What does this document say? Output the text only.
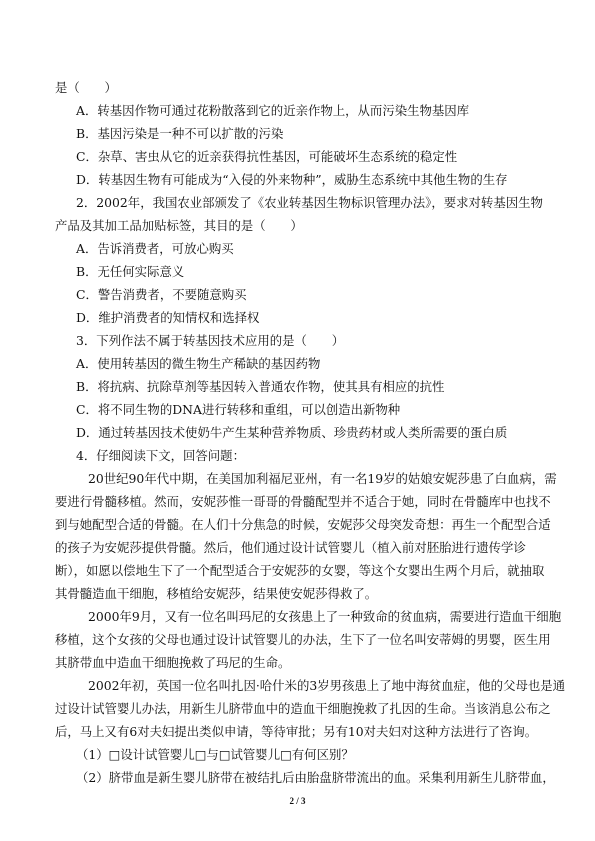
是（　　）
A．转基因作物可通过花粉散落到它的近亲作物上，从而污染生物基因库
B．基因污染是一种不可以扩散的污染
C．杂草、害虫从它的近亲获得抗性基因，可能破坏生态系统的稳定性
D．转基因生物有可能成为“入侵的外来物种”，威胁生态系统中其他生物的生存
2．2002年，我国农业部颁发了《农业转基因生物标识管理办法》，要求对转基因生物
产品及其加工品加贴标签，其目的是（　　）
A．告诉消费者，可放心购买
B．无任何实际意义
C．警告消费者，不要随意购买
D．维护消费者的知情权和选择权
3．下列作法不属于转基因技术应用的是（　　）
A．使用转基因的微生物生产稀缺的基因药物
B．将抗病、抗除草剂等基因转入普通农作物，使其具有相应的抗性
C．将不同生物的DNA进行转移和重组，可以创造出新物种
D．通过转基因技术使奶牛产生某种营养物质、珍贵药材或人类所需要的蛋白质
4．仔细阅读下文，回答问题：
20世纪90年代中期，在美国加利福尼亚州，有一名19岁的姑娘安妮莎患了白血病，需
要进行骨髓移植。然而，安妮莎惟一哥哥的骨髓配型并不适合于她，同时在骨髓库中也找不
到与她配型合适的骨髓。在人们十分焦急的时候，安妮莎父母突发奇想：再生一个配型合适
的孩子为安妮莎提供骨髓。然后，他们通过设计试管婴儿（植入前对胚胎进行遗传学诊
断），如愿以偿地生下了一个配型适合于安妮莎的女婴，等这个女婴出生两个月后，就抽取
其骨髓造血干细胞，移植给安妮莎，结果使安妮莎得救了。
2000年9月，又有一位名叫玛尼的女孩患上了一种致命的贫血病，需要进行造血干细胞
移植，这个女孩的父母也通过设计试管婴儿的办法，生下了一位名叫安蒂姆的男婴，医生用
其脐带血中造血干细胞挽救了玛尼的生命。
2002年初，英国一位名叫扎因·哈什米的3岁男孩患上了地中海贫血症，他的父母也是通
过设计试管婴儿办法，用新生儿脐带血中的造血干细胞挽救了扎因的生命。当该消息公布之
后，马上又有6对夫妇提出类似申请，等待审批；另有10对夫妇对这种方法进行了咨询。
（1）□设计试管婴儿□与□试管婴儿□有何区别？
（2）脐带血是新生婴儿脐带在被结扎后由胎盘脐带流出的血。采集利用新生儿脐带血，
2 / 3
